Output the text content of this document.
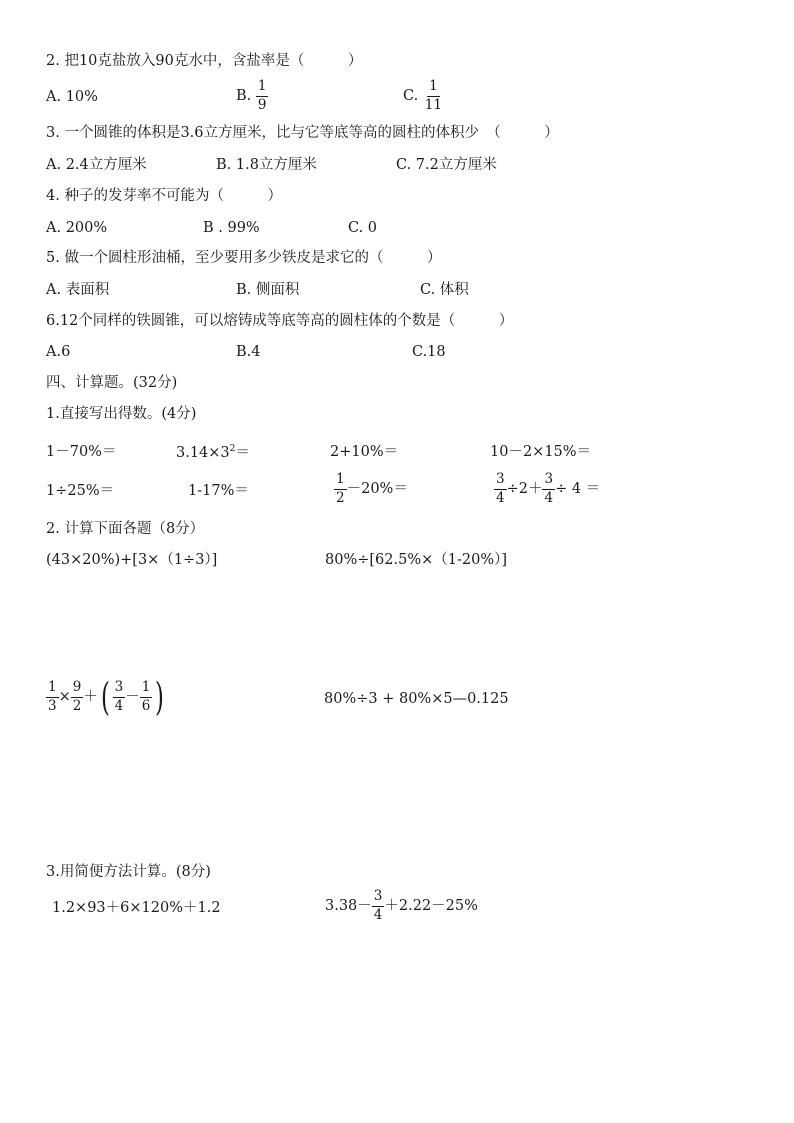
2. 把10克盐放入90克水中，含盐率是（　　　）
A. 10%	B. $\frac{1}{9}$	C. $\frac{1}{11}$
3. 一个圆锥的体积是3.6立方厘米，比与它等底等高的圆柱的体积少　（　　　）
A. 2.4立方厘米	B. 1.8立方厘米	C. 7.2立方厘米
4. 种子的发芽率不可能为（　　　）
A. 200%	B . 99%	C. 0
5. 做一个圆柱形油桶，至少要用多少铁皮是求它的（　　　）
A. 表面积	B. 侧面积	C. 体积
6.12个同样的铁圆锥，可以熔铸成等底等高的圆柱体的个数是（　　　）
A.6	B.4	C.18
四、计算题。(32分)
1.直接写出得数。(4分)
1－70%＝	$3.14\times 3^2=$	2+10%＝	10－2×15%＝
1÷25%＝	1-17%＝	$\frac{1}{2} -20\%=$	$\frac{3}{4} \div 2+ \frac{3}{4} \div 4$ ＝
2. 计算下面各题（8分）
(43×20%)+[3×（1÷3）]	80%÷[62.5%×（1-20%）]
$\frac{1}{3} \times \frac{9}{2}$ ＋( $\frac{3}{4} - \frac{1}{6}$ )	80%÷3 + 80%×5—0.125
3.用简便方法计算。(8分)
1.2×93＋6×120%＋1.2	$3.38- \frac{3}{4} +2.22-25\%$
